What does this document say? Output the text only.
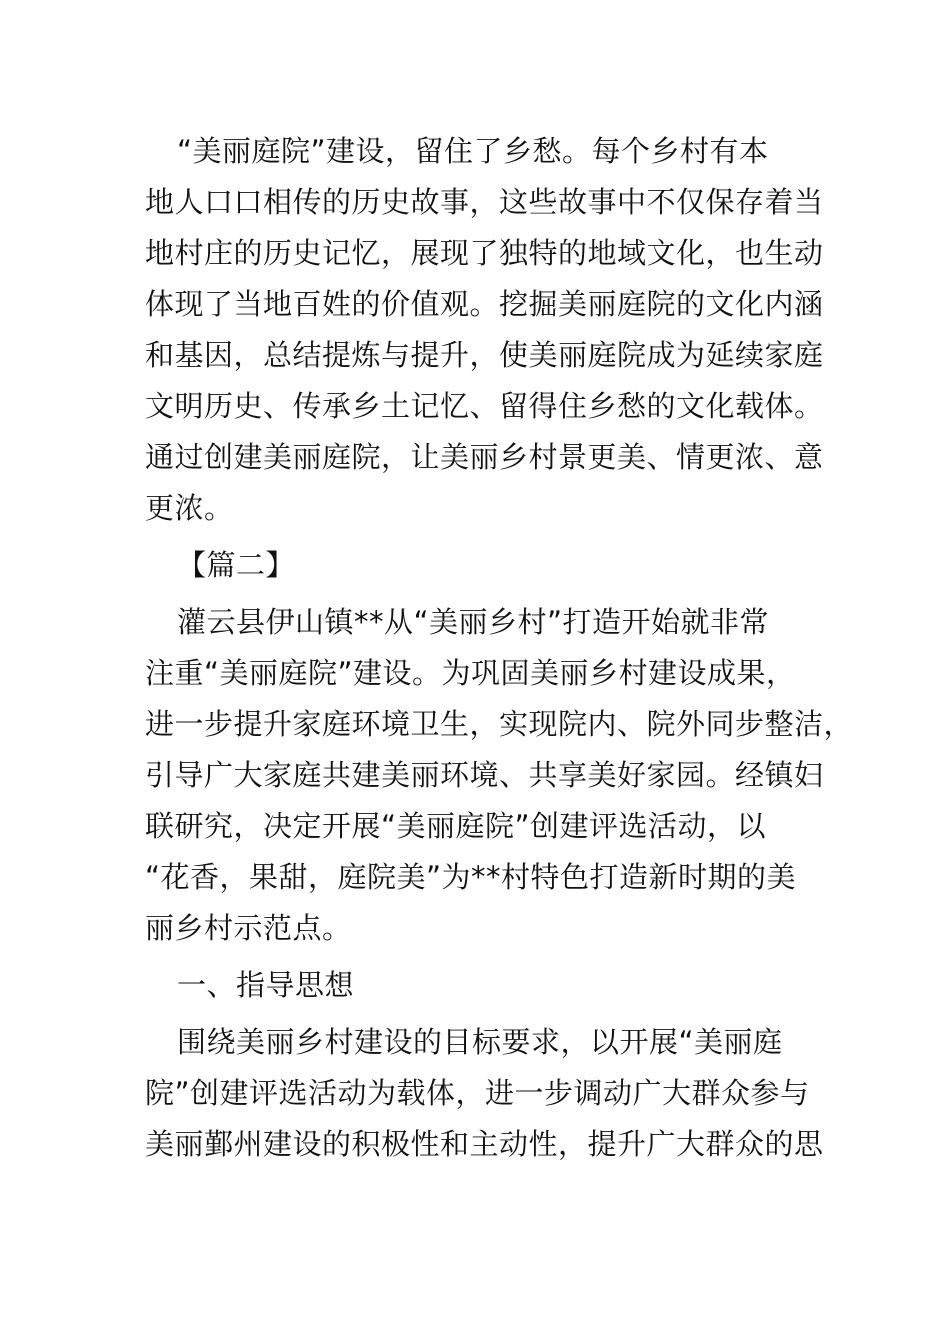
“美丽庭院”建设，留住了乡愁。每个乡村有本
地人口口相传的历史故事，这些故事中不仅保存着当
地村庄的历史记忆，展现了独特的地域文化，也生动
体现了当地百姓的价值观。挖掘美丽庭院的文化内涵
和基因，总结提炼与提升，使美丽庭院成为延续家庭
文明历史、传承乡土记忆、留得住乡愁的文化载体。
通过创建美丽庭院，让美丽乡村景更美、情更浓、意
更浓。
【篇二】
灌云县伊山镇**从“美丽乡村”打造开始就非常
注重“美丽庭院”建设。为巩固美丽乡村建设成果，
进一步提升家庭环境卫生，实现院内、院外同步整洁，
引导广大家庭共建美丽环境、共享美好家园。经镇妇
联研究，决定开展“美丽庭院”创建评选活动，以
“花香，果甜，庭院美”为**村特色打造新时期的美
丽乡村示范点。
一、指导思想
围绕美丽乡村建设的目标要求，以开展“美丽庭
院”创建评选活动为载体，进一步调动广大群众参与
美丽鄞州建设的积极性和主动性，提升广大群众的思
